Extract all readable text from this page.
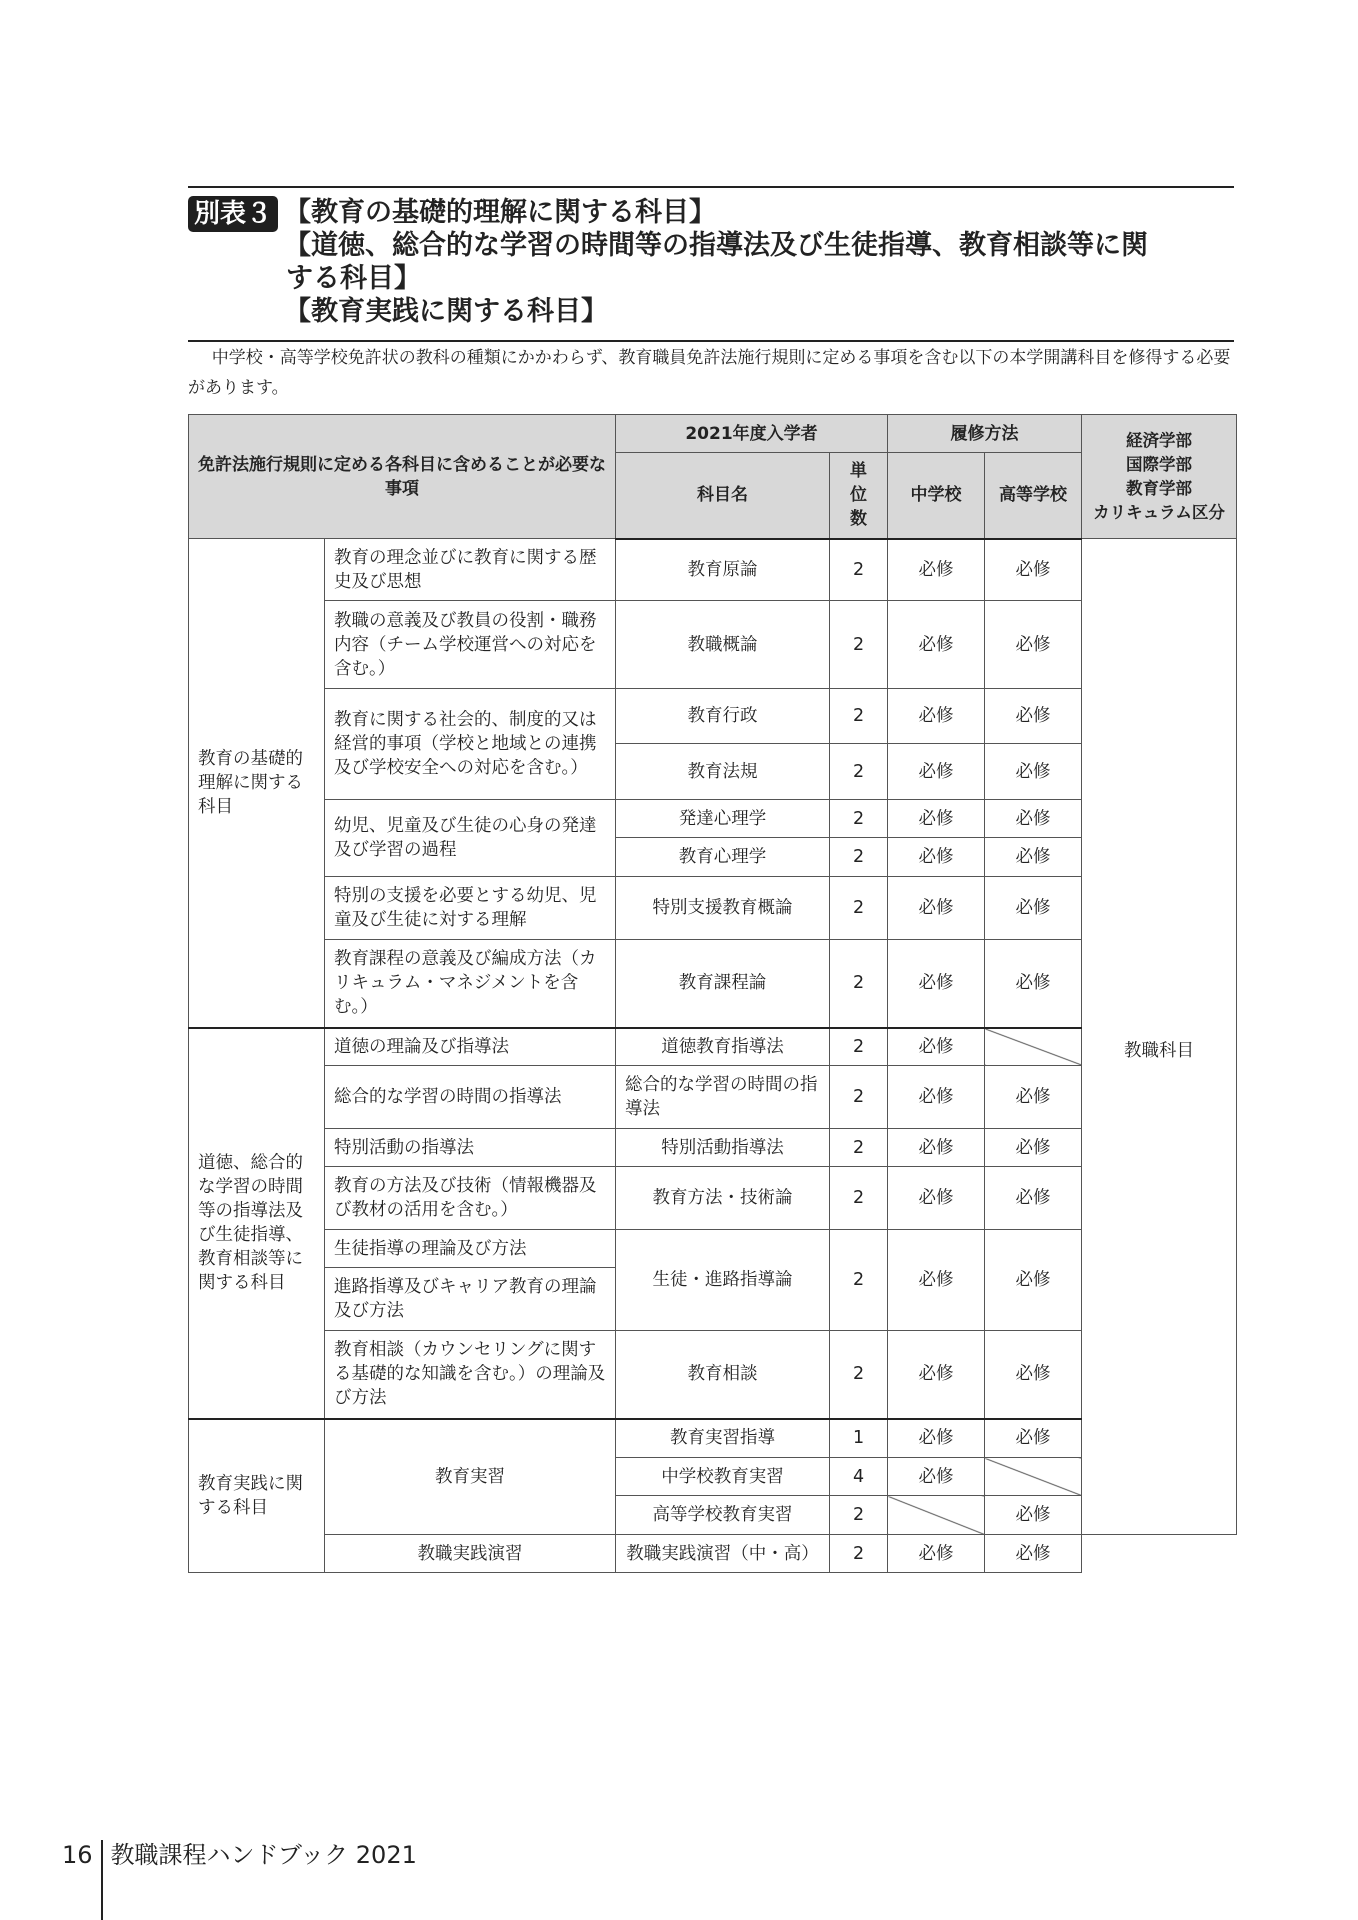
別表３ 【教育の基礎的理解に関する科目】
【道徳、総合的な学習の時間等の指導法及び生徒指導、教育相談等に関
する科目】
【教育実践に関する科目】
中学校・高等学校免許状の教科の種類にかかわらず、教育職員免許法施行規則に定める事項を含む以下の本学開講科目を修得する必要があります。
免許法施行規則に定める各科目に含めることが必要な事項		2021年度入学者		履修方法		経済学部
国際学部
教育学部
カリキュラム区分
		科目名	単
位
数	中学校	高等学校	
教育の基礎的理解に関する科目	教育の理念並びに教育に関する歴史及び思想	教育原論	2	必修	必修	教職科目
	教職の意義及び教員の役割・職務内容（チーム学校運営への対応を含む。）	教職概論	2	必修	必修	
	教育に関する社会的、制度的又は経営的事項（学校と地域との連携及び学校安全への対応を含む。）	教育行政	2	必修	必修	
		教育法規	2	必修	必修	
	幼児、児童及び生徒の心身の発達及び学習の過程	発達心理学	2	必修	必修	
		教育心理学	2	必修	必修	
	特別の支援を必要とする幼児、児童及び生徒に対する理解	特別支援教育概論	2	必修	必修	
	教育課程の意義及び編成方法（カリキュラム・マネジメントを含む。）	教育課程論	2	必修	必修	
道徳、総合的な学習の時間等の指導法及び生徒指導、教育相談等に関する科目	道徳の理論及び指導法	道徳教育指導法	2	必修		
	総合的な学習の時間の指導法	総合的な学習の時間の指導法	2	必修	必修	
	特別活動の指導法	特別活動指導法	2	必修	必修	
	教育の方法及び技術（情報機器及び教材の活用を含む。）	教育方法・技術論	2	必修	必修	
	生徒指導の理論及び方法	生徒・進路指導論	2	必修	必修	
	進路指導及びキャリア教育の理論及び方法					
	教育相談（カウンセリングに関する基礎的な知識を含む。）の理論及び方法	教育相談	2	必修	必修	
教育実践に関する科目	教育実習	教育実習指導	1	必修	必修	
		中学校教育実習	4	必修		
		高等学校教育実習	2		必修	
	教職実践演習	教職実践演習（中・高）	2	必修	必修	
16 教職課程ハンドブック 2021
